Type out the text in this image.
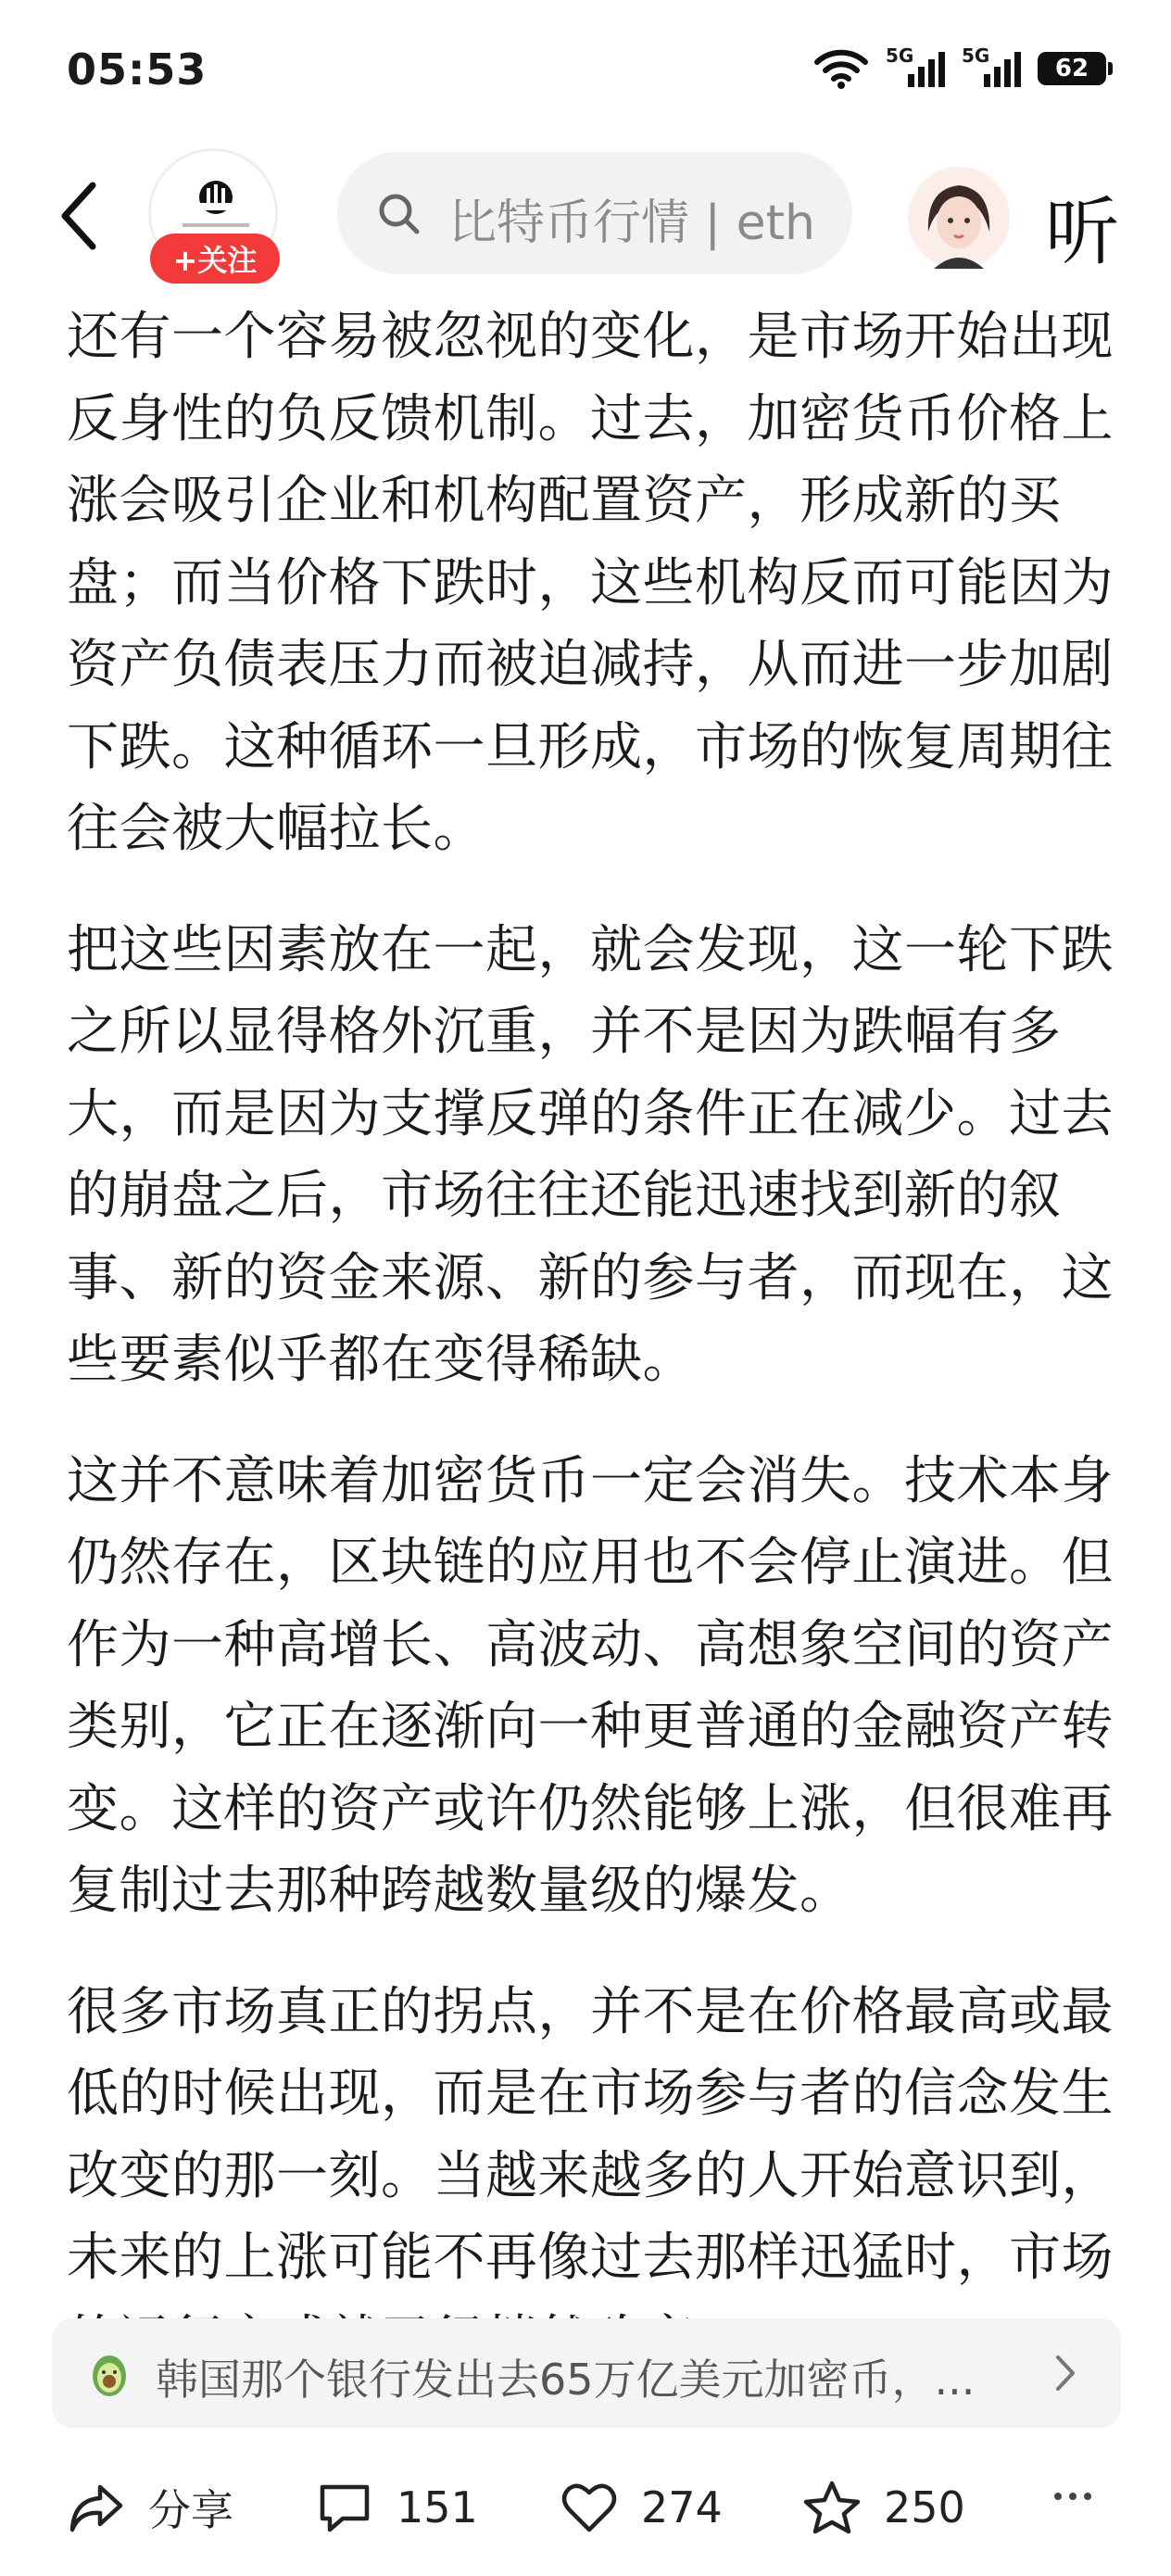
05:53	5G	5G	62
+关注
比特币行情 | eth	听

还有一个容易被忽视的变化，是市场开始出现反身性的负反馈机制。过去，加密货币价格上涨会吸引企业和机构配置资产，形成新的买盘；而当价格下跌时，这些机构反而可能因为资产负债表压力而被迫减持，从而进一步加剧下跌。这种循环一旦形成，市场的恢复周期往往会被大幅拉长。

把这些因素放在一起，就会发现，这一轮下跌之所以显得格外沉重，并不是因为跌幅有多大，而是因为支撑反弹的条件正在减少。过去的崩盘之后，市场往往还能迅速找到新的叙事、新的资金来源、新的参与者，而现在，这些要素似乎都在变得稀缺。

这并不意味着加密货币一定会消失。技术本身仍然存在，区块链的应用也不会停止演进。但作为一种高增长、高波动、高想象空间的资产类别，它正在逐渐向一种更普通的金融资产转变。这样的资产或许仍然能够上涨，但很难再复制过去那种跨越数量级的爆发。

很多市场真正的拐点，并不是在价格最高或最低的时候出现，而是在市场参与者的信念发生改变的那一刻。当越来越多的人开始意识到，未来的上涨可能不再像过去那样迅猛时，市场

韩国那个银行发出去65万亿美元加密币，...
分享	151	274	250
